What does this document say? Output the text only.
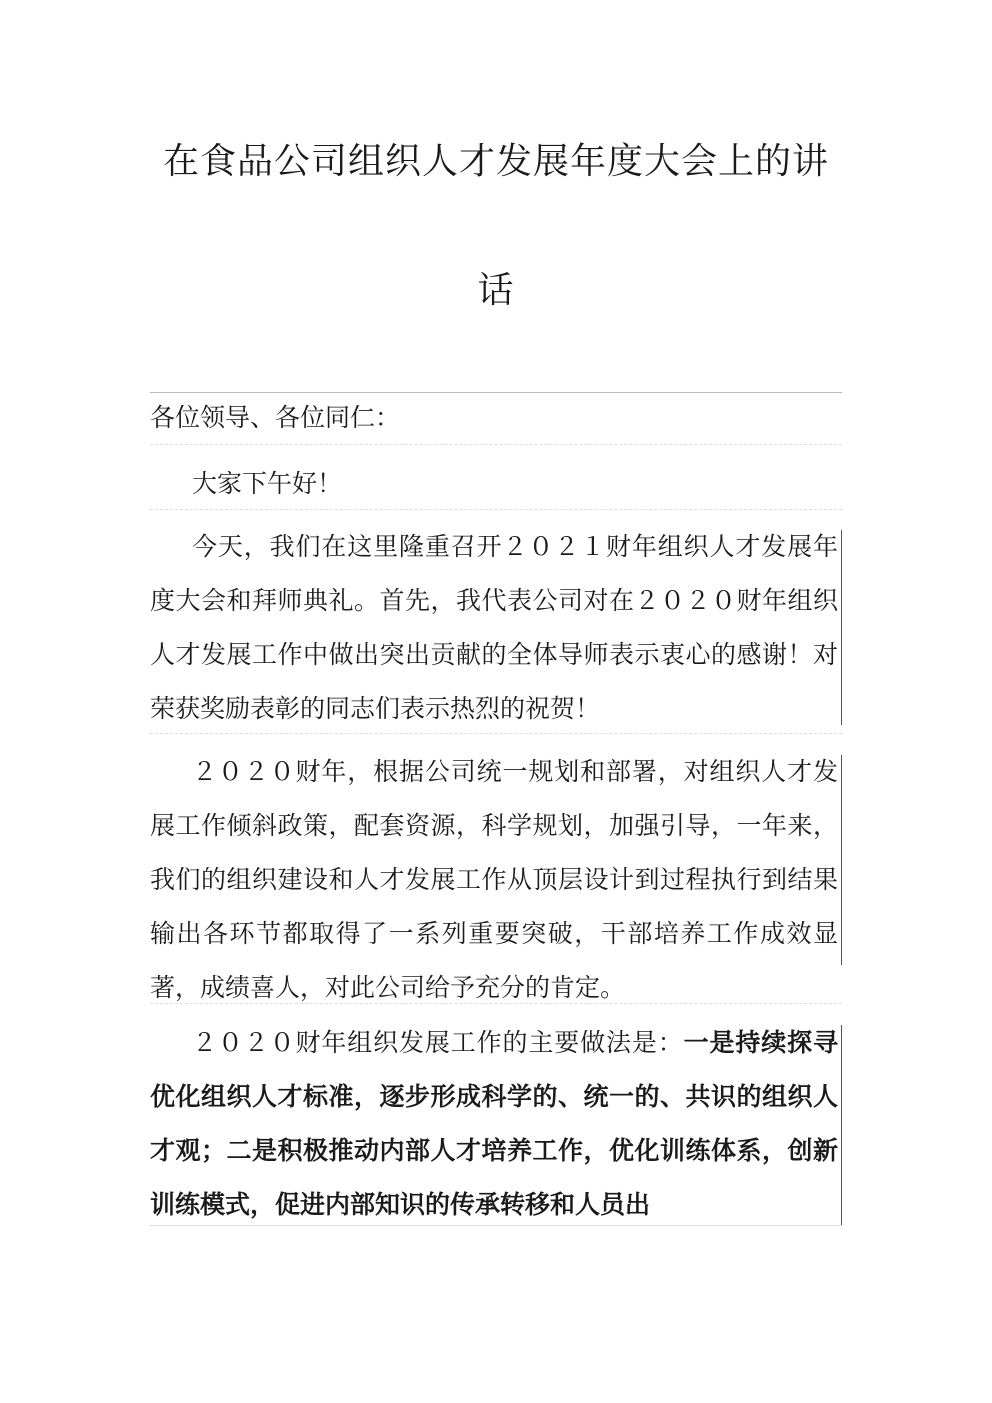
在食品公司组织人才发展年度大会上的讲
话

各位领导、各位同仁：

大家下午好！

今天，我们在这里隆重召开２０２１财年组织人才发展年度大会和拜师典礼。首先，我代表公司对在２０２０财年组织人才发展工作中做出突出贡献的全体导师表示衷心的感谢！对荣获奖励表彰的同志们表示热烈的祝贺！

２０２０财年，根据公司统一规划和部署，对组织人才发展工作倾斜政策，配套资源，科学规划，加强引导，一年来，我们的组织建设和人才发展工作从顶层设计到过程执行到结果输出各环节都取得了一系列重要突破，干部培养工作成效显著，成绩喜人，对此公司给予充分的肯定。

２０２０财年组织发展工作的主要做法是：一是持续探寻优化组织人才标准，逐步形成科学的、统一的、共识的组织人才观；二是积极推动内部人才培养工作，优化训练体系，创新训练模式，促进内部知识的传承转移和人员出
